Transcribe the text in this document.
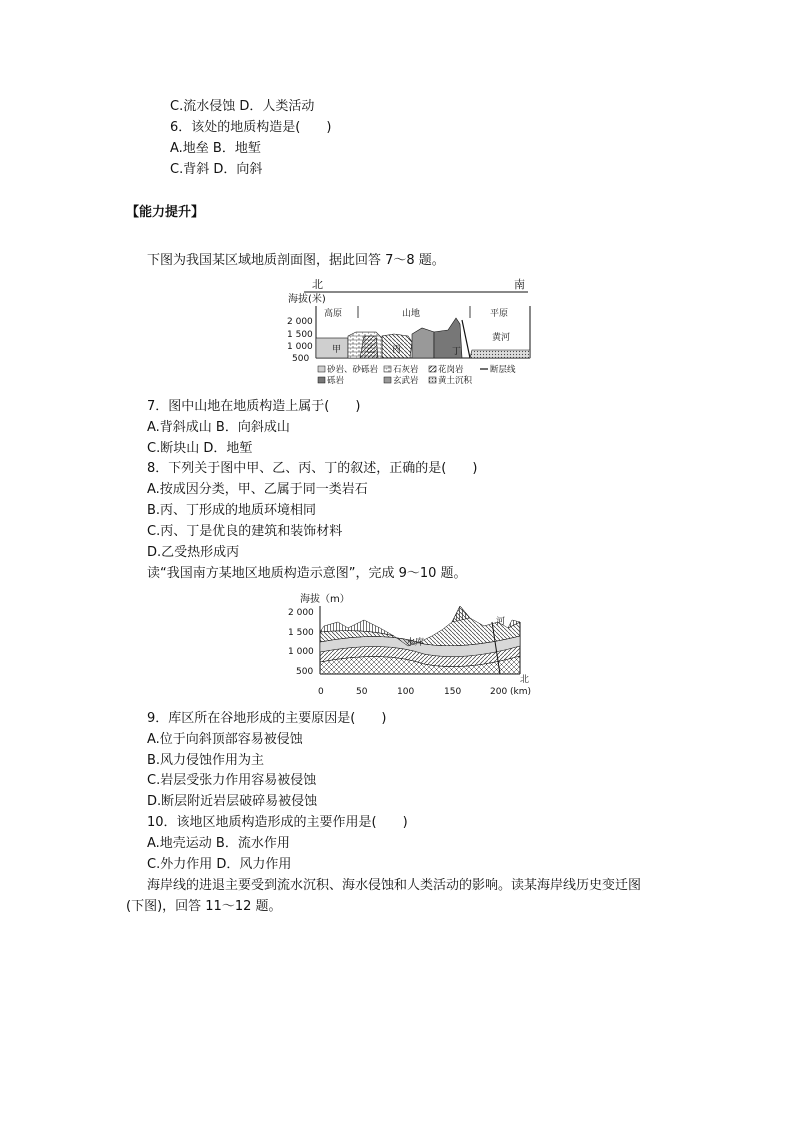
C.流水侵蚀 D．人类活动
6．该处的地质构造是(　　)
A.地垒 B．地堑
C.背斜 D．向斜
【能力提升】
下图为我国某区域地质剖面图，据此回答 7～8 题。
北	南
海拔(米)
2 000
1 500
1 000
500
高原	山地	平原
甲	乙 丙	丁
黄河
砂岩、砂砾岩 石灰岩 花岗岩	断层线
砾岩	玄武岩 黄土沉积
7．图中山地在地质构造上属于(　　)
A.背斜成山 B．向斜成山
C.断块山 D．地堑
8．下列关于图中甲、乙、丙、丁的叙述，正确的是(　　)
A.按成因分类，甲、乙属于同一类岩石
B.丙、丁形成的地质环境相同
C.丙、丁是优良的建筑和装饰材料
D.乙受热形成丙
读“我国南方某地区地质构造示意图”，完成 9～10 题。
海拔（m）
2 000
1 500
1 000
500
水库
河
北
0	50	100	150	200 (km)
9．库区所在谷地形成的主要原因是(　　)
A.位于向斜顶部容易被侵蚀
B.风力侵蚀作用为主
C.岩层受张力作用容易被侵蚀
D.断层附近岩层破碎易被侵蚀
10．该地区地质构造形成的主要作用是(　　)
A.地壳运动 B．流水作用
C.外力作用 D．风力作用
海岸线的进退主要受到流水沉积、海水侵蚀和人类活动的影响。读某海岸线历史变迁图
(下图)，回答 11～12 题。
